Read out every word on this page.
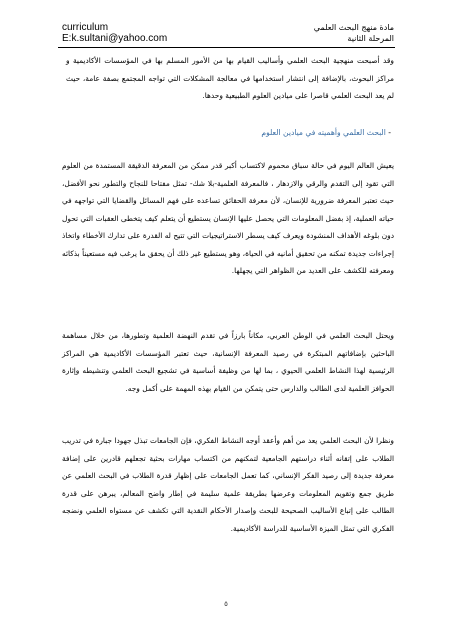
curriculum
E:k.sultani@yahoo.com
مادة منهج البحث العلمي
المرحلة الثانية

وقد أصبحت منهجية البحث العلمي وأساليب القيام بها من الأمور المسلم بها في المؤسسات الأكاديمية و مراكز البحوث، بالإضافة إلى انتشار استخدامها في معالجة المشكلات التي تواجه المجتمع بصفة عامة، حيث لم يعد البحث العلمي قاصرا على ميادين العلوم الطبيعية وحدها.

- البحث العلمي وأهميته في ميادين العلوم

يعيش العالم اليوم في حالة سباق محموم لاكتساب أكبر قدر ممكن من المعرفة الدقيقة المستمدة من العلوم التي تقود إلى التقدم والرقي والازدهار ، فالمعرفة العلمية-بلا شك- تمثل مفتاحا للنجاح والتطور نحو الأفضل، حيث تعتبر المعرفة ضرورية للإنسان، لأن معرفة الحقائق تساعده على فهم المسائل والقضايا التي تواجهه في حياته العملية، إذ بفضل المعلومات التي يحصل عليها الإنسان يستطيع أن يتعلم كيف يتخطى العقبات التي تحول دون بلوغه الأهداف المنشودة ويعرف كيف يسطر الاستراتيجيات التي تتيح له القدرة على تدارك الأخطاء واتخاذ إجراءات جديدة تمكنه من تحقيق أمانيه في الحياة، وهو يستطيع غير ذلك أن يحقق ما يرغب فيه مستعيناً بذكائه ومعرفته للكشف على العديد من الظواهر التي يجهلها.

ويحتل البحث العلمي في الوطن العربي، مكاناً بارزاً في تقدم النهضة العلمية وتطورها، من خلال مساهمة الباحثين بإضافاتهم المبتكرة في رصيد المعرفة الإنسانية، حيث تعتبر المؤسسات الأكاديمية هي المراكز الرئيسية لهذا النشاط العلمي الحيوي ، بما لها من وظيفة أساسية في تشجيع البحث العلمي وتنشيطه وإثارة الحوافز العلمية لدى الطالب والدارس حتى يتمكن من القيام بهذه المهمة على أكمل وجه.

ونظرا لأن البحث العلمي يعد من أهم وأعقد أوجه النشاط الفكري، فإن الجامعات تبذل جهودا جبارة في تدريب الطلاب على إتقانه أثناء دراستهم الجامعية لتمكنهم من اكتساب مهارات بحثية تجعلهم قادرين على إضافة معرفة جديدة إلى رصيد الفكر الإنساني، كما تعمل الجامعات على إظهار قدرة الطلاب في البحث العلمي عن طريق جمع وتقويم المعلومات وعرضها بطريقة علمية سليمة في إطار واضح المعالم، يبرهن على قدرة الطالب على إتباع الأساليب الصحيحة للبحث وإصدار الأحكام النقدية التي تكشف عن مستواه العلمي ونضجه الفكري التي تمثل الميزة الأساسية للدراسة الأكاديمية.

٥
